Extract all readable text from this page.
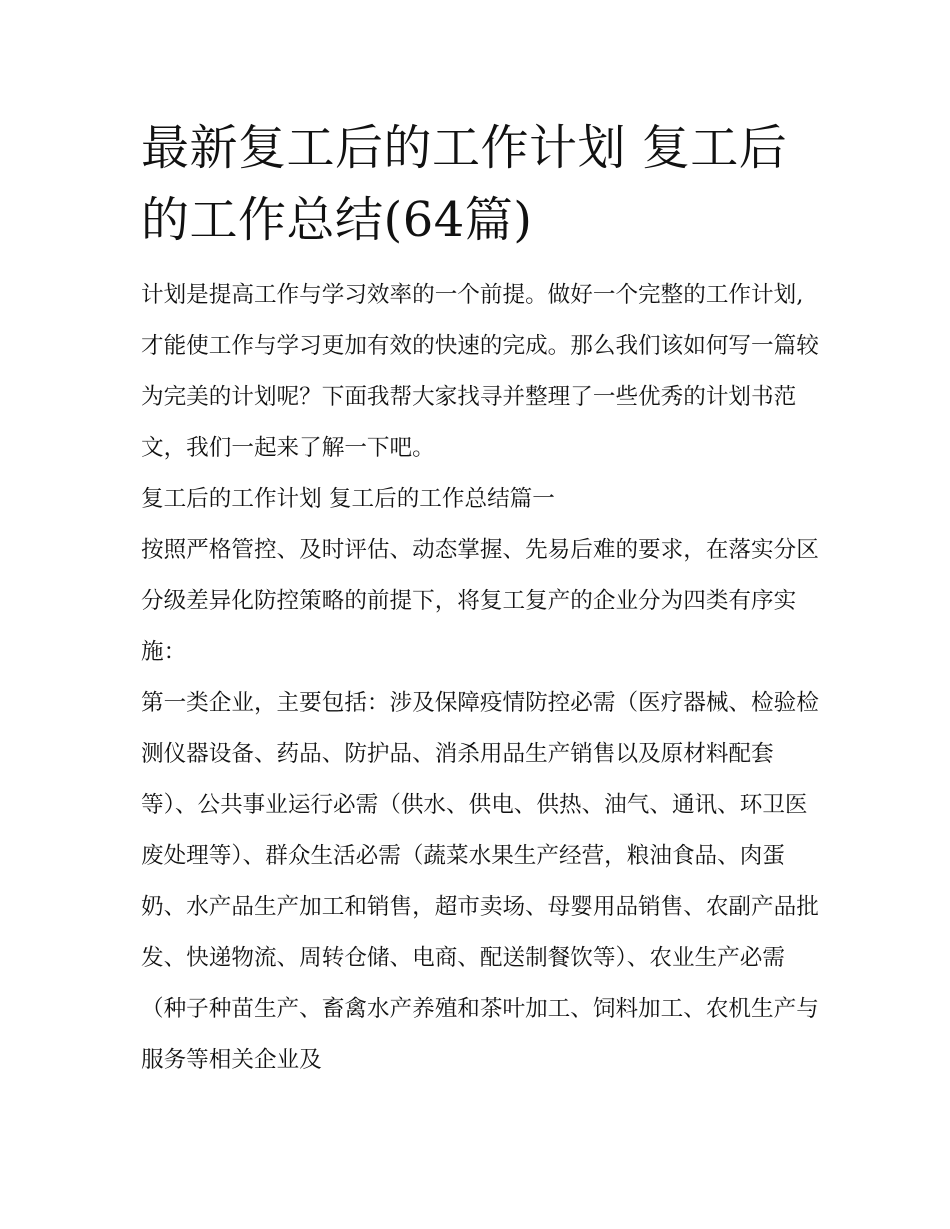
最新复工后的工作计划 复工后的工作总结(64篇)

计划是提高工作与学习效率的一个前提。做好一个完整的工作计划,才能使工作与学习更加有效的快速的完成。那么我们该如何写一篇较为完美的计划呢？下面我帮大家找寻并整理了一些优秀的计划书范文，我们一起来了解一下吧。

复工后的工作计划 复工后的工作总结篇一

按照严格管控、及时评估、动态掌握、先易后难的要求，在落实分区分级差异化防控策略的前提下，将复工复产的企业分为四类有序实施：

第一类企业，主要包括：涉及保障疫情防控必需（医疗器械、检验检测仪器设备、药品、防护品、消杀用品生产销售以及原材料配套等）、公共事业运行必需（供水、供电、供热、油气、通讯、环卫医废处理等）、群众生活必需（蔬菜水果生产经营，粮油食品、肉蛋奶、水产品生产加工和销售，超市卖场、母婴用品销售、农副产品批发、快递物流、周转仓储、电商、配送制餐饮等）、农业生产必需（种子种苗生产、畜禽水产养殖和茶叶加工、饲料加工、农机生产与服务等相关企业及
